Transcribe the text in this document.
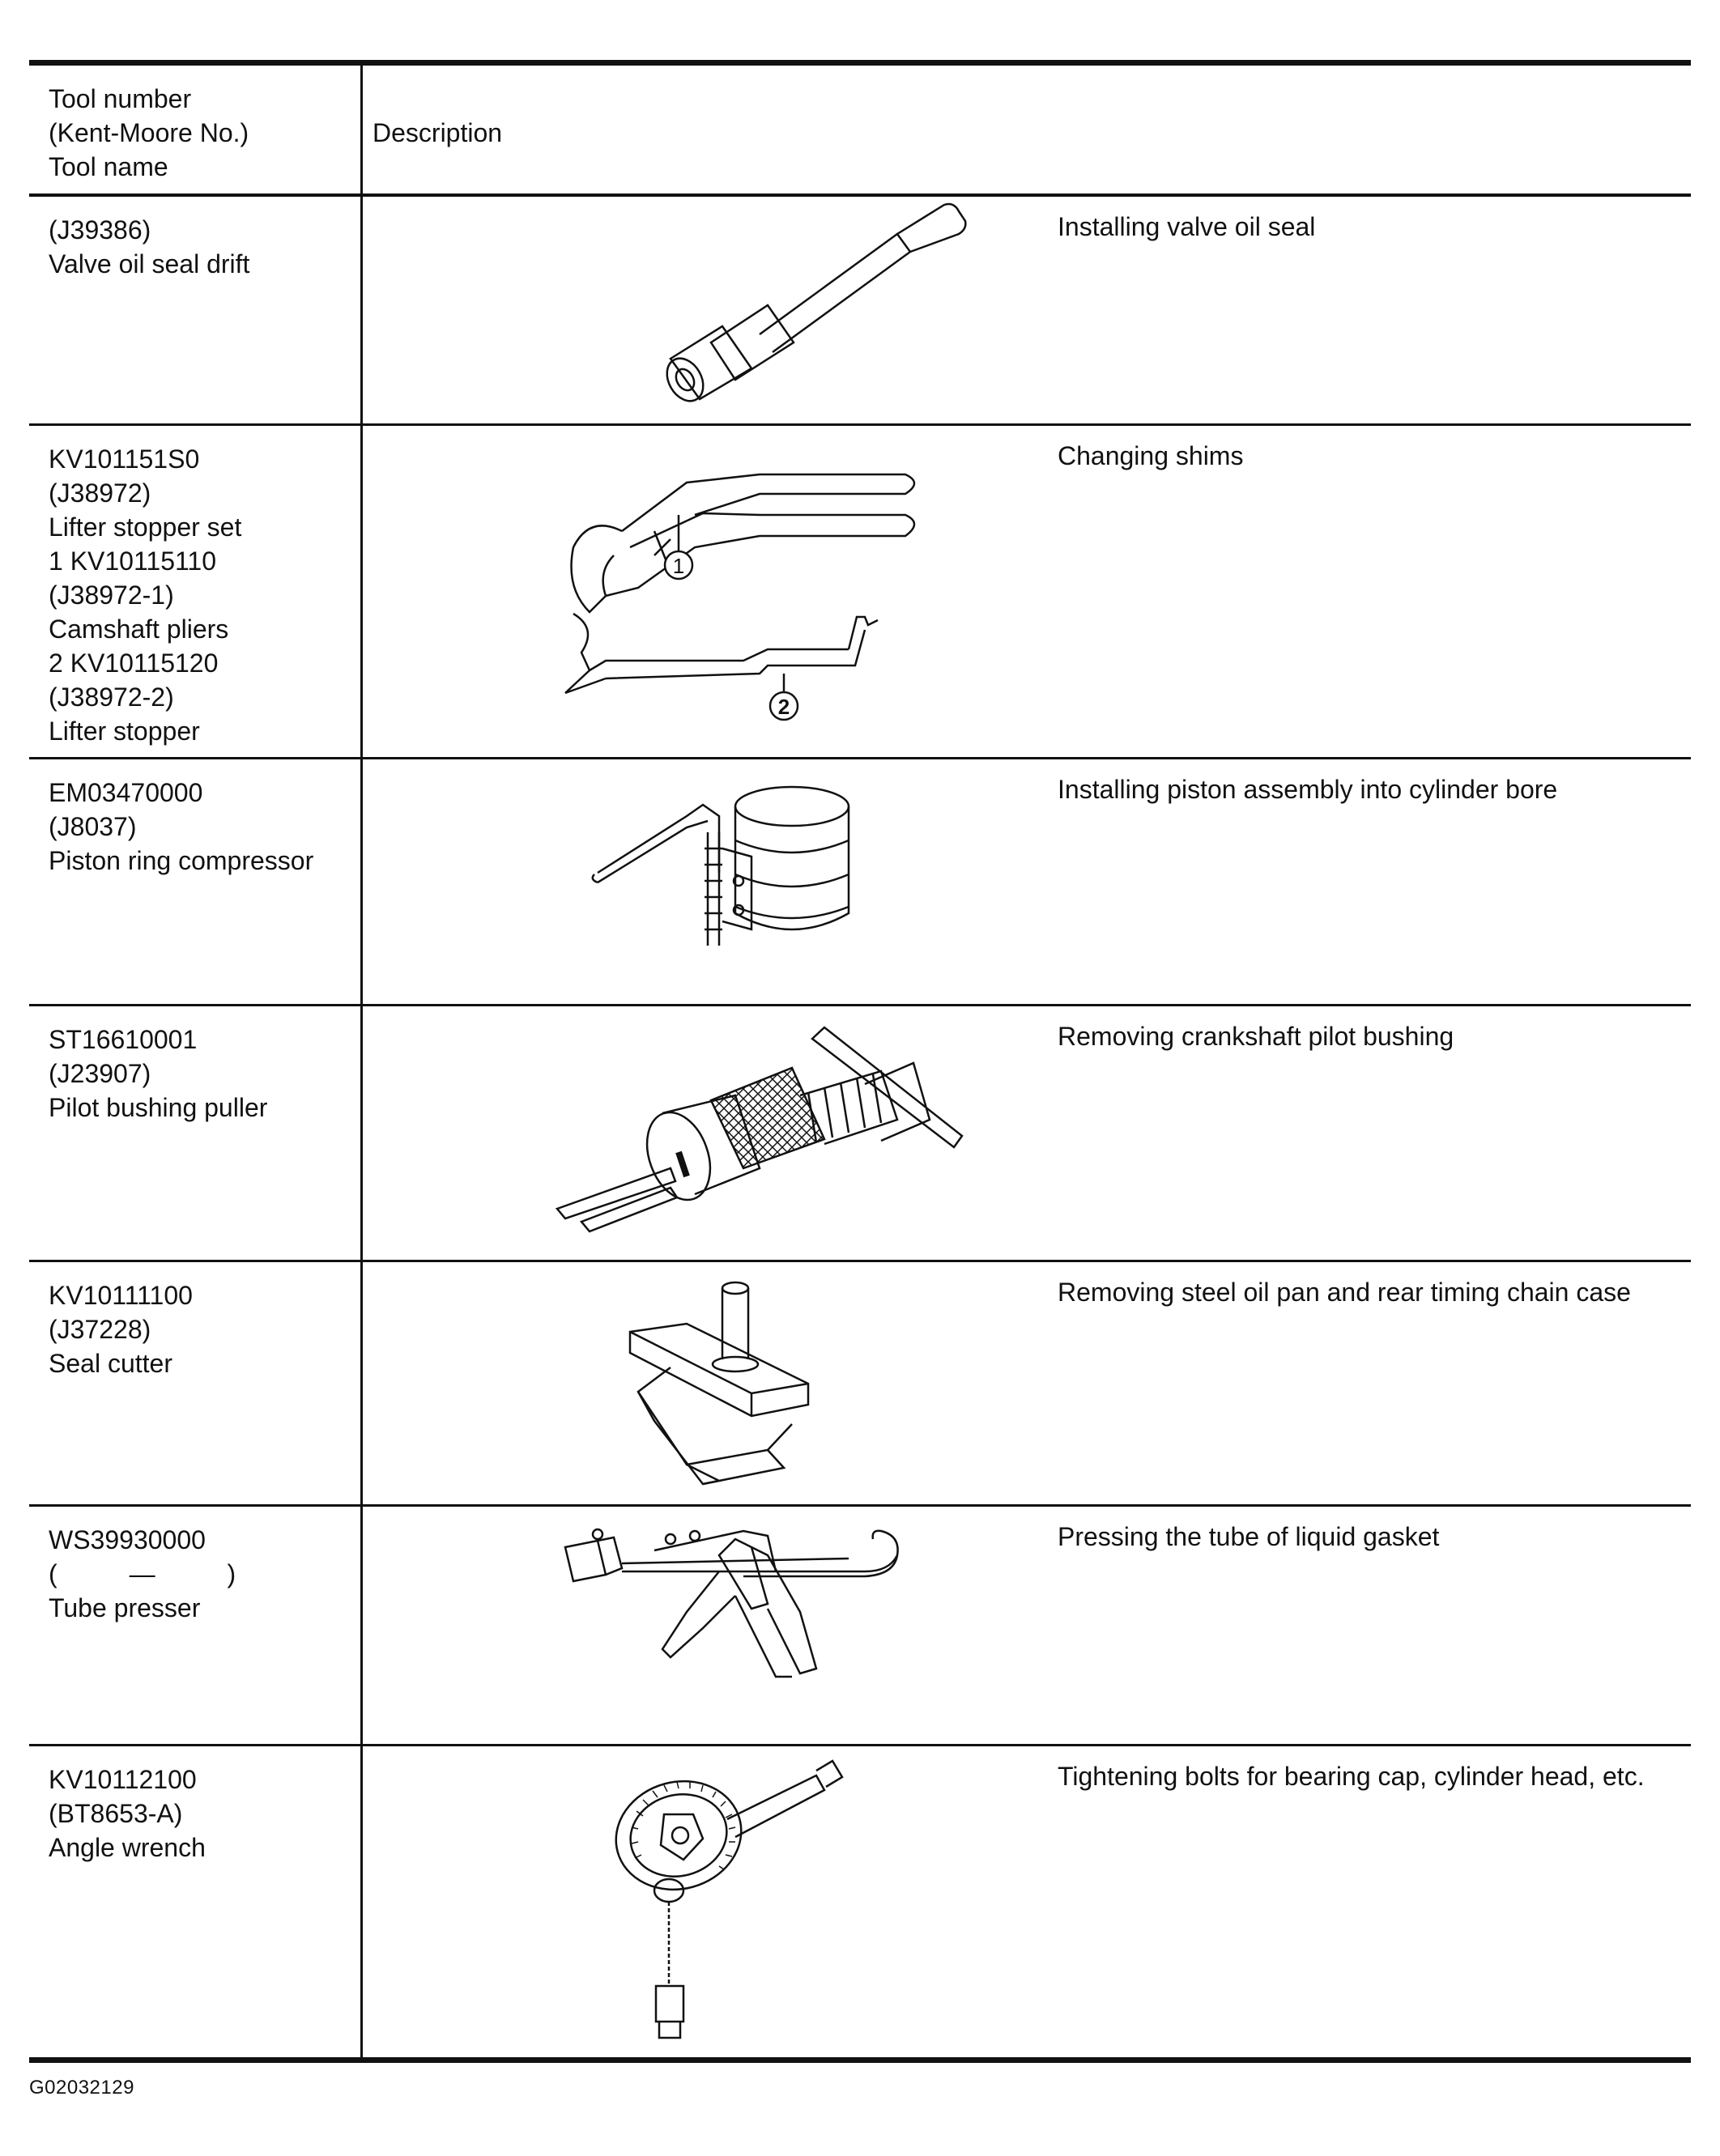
Tool number
(Kent-Moore No.)
Tool name
Description
(J39386)
Valve oil seal drift
Installing valve oil seal
KV101151S0
(J38972)
Lifter stopper set
1 KV10115110
(J38972-1)
Camshaft pliers
2 KV10115120
(J38972-2)
Lifter stopper
Changing shims
1
2
EM03470000
(J8037)
Piston ring compressor
Installing piston assembly into cylinder bore
ST16610001
(J23907)
Pilot bushing puller
Removing crankshaft pilot bushing
KV10111100
(J37228)
Seal cutter
Removing steel oil pan and rear timing chain case
WS39930000
(          —          )
Tube presser
Pressing the tube of liquid gasket
KV10112100
(BT8653-A)
Angle wrench
Tightening bolts for bearing cap, cylinder head, etc.
G02032129
